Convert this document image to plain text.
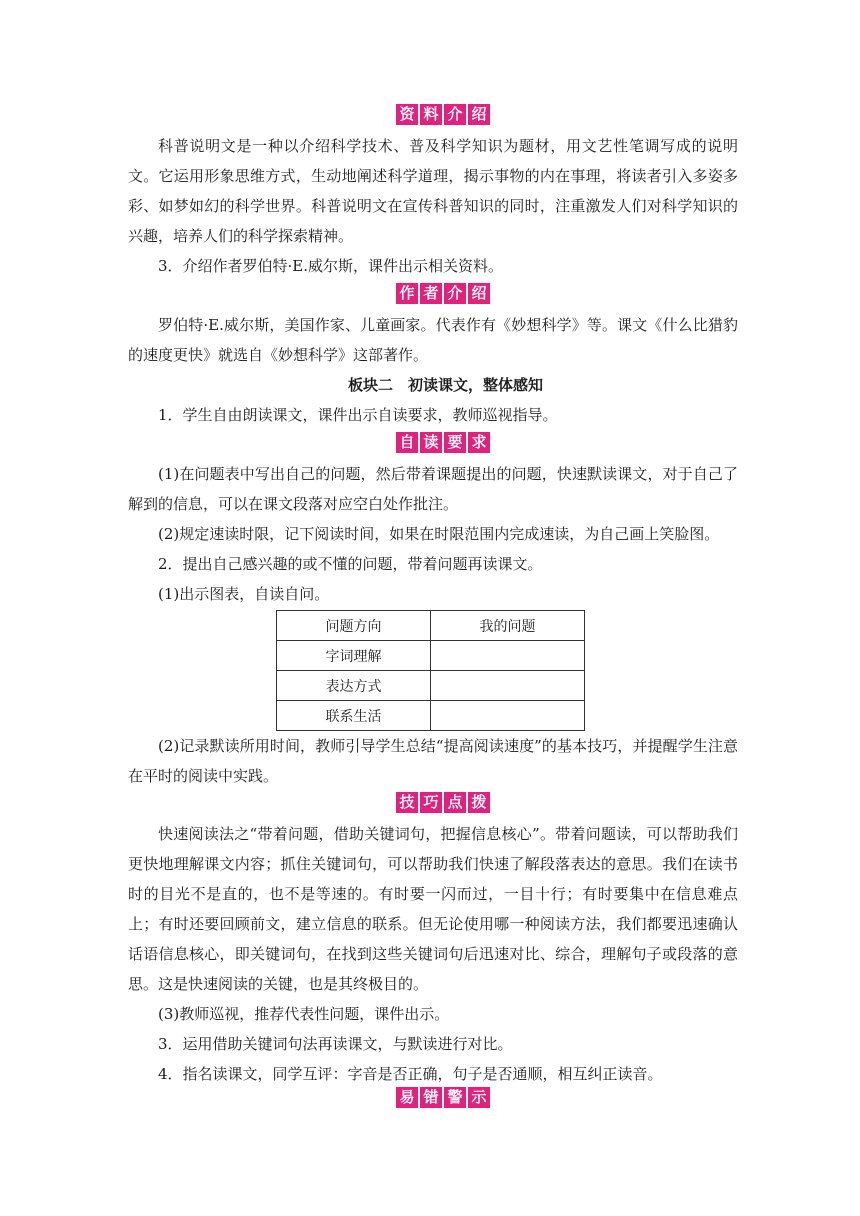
资 料 介 绍

科普说明文是一种以介绍科学技术、普及科学知识为题材，用文艺性笔调写成的说明文。它运用形象思维方式，生动地阐述科学道理，揭示事物的内在事理，将读者引入多姿多彩、如梦如幻的科学世界。科普说明文在宣传科普知识的同时，注重激发人们对科学知识的兴趣，培养人们的科学探索精神。

3．介绍作者罗伯特·E.威尔斯，课件出示相关资料。
作 者 介 绍

罗伯特·E.威尔斯，美国作家、儿童画家。代表作有《妙想科学》等。课文《什么比猎豹的速度更快》就选自《妙想科学》这部著作。

板块二　初读课文，整体感知
1．学生自由朗读课文，课件出示自读要求，教师巡视指导。
自 读 要 求

(1)在问题表中写出自己的问题，然后带着课题提出的问题，快速默读课文，对于自己了解到的信息，可以在课文段落对应空白处作批注。

(2)规定速读时限，记下阅读时间，如果在时限范围内完成速读，为自己画上笑脸图。
2．提出自己感兴趣的或不懂的问题，带着问题再读课文。
(1)出示图表，自读自问。
问题方向	我的问题
字词理解	
表达方式	
联系生活	

(2)记录默读所用时间，教师引导学生总结“提高阅读速度”的基本技巧，并提醒学生注意在平时的阅读中实践。

技 巧 点 拨

快速阅读法之“带着问题，借助关键词句，把握信息核心”。带着问题读，可以帮助我们更快地理解课文内容；抓住关键词句，可以帮助我们快速了解段落表达的意思。我们在读书时的目光不是直的，也不是等速的。有时要一闪而过，一目十行；有时要集中在信息难点上；有时还要回顾前文，建立信息的联系。但无论使用哪一种阅读方法，我们都要迅速确认话语信息核心，即关键词句，在找到这些关键词句后迅速对比、综合，理解句子或段落的意思。这是快速阅读的关键，也是其终极目的。

(3)教师巡视，推荐代表性问题，课件出示。
3．运用借助关键词句法再读课文，与默读进行对比。
4．指名读课文，同学互评：字音是否正确，句子是否通顺，相互纠正读音。
易 错 警 示
